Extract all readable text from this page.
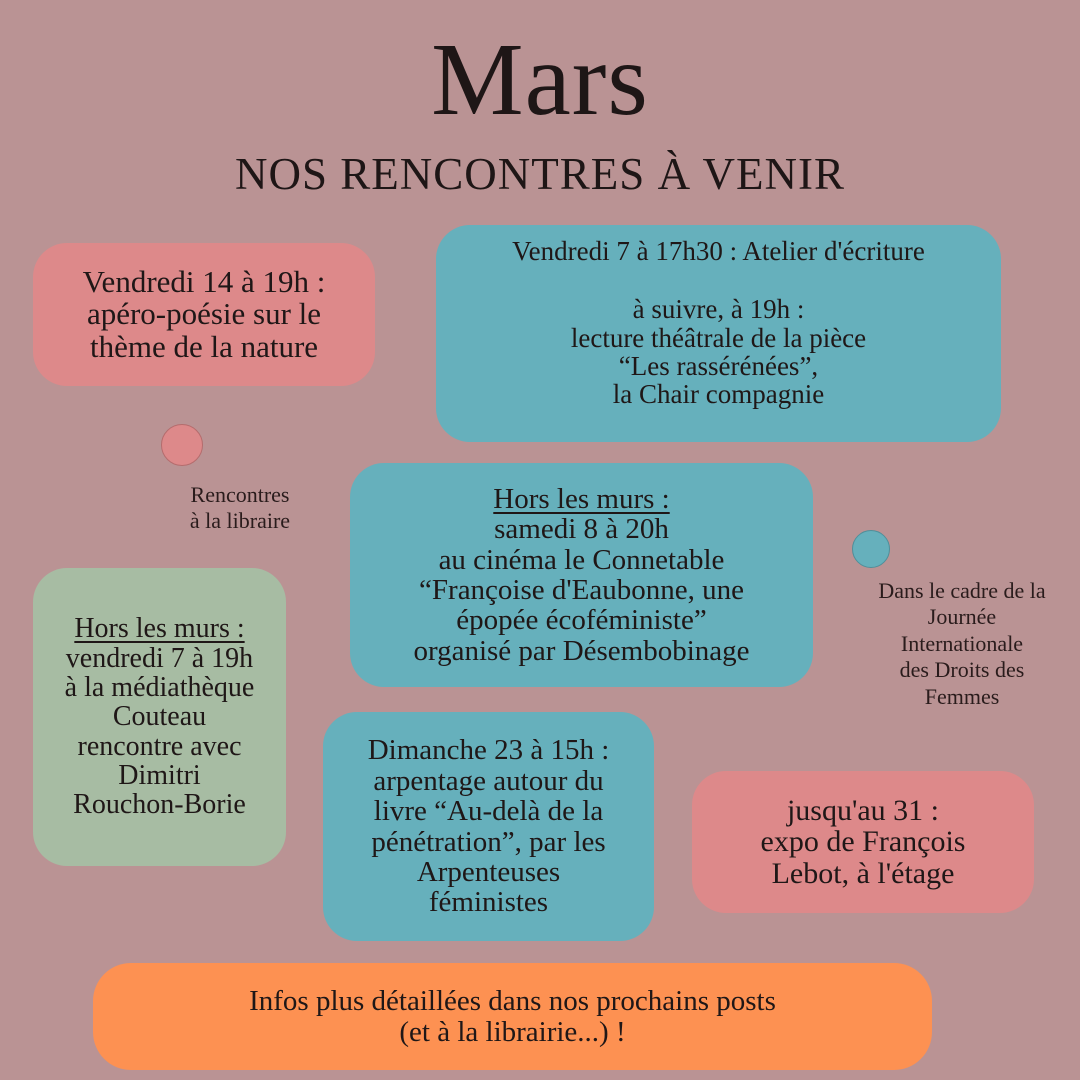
Mars
NOS RENCONTRES À VENIR
Vendredi 14 à 19h :
apéro-poésie sur le
thème de la nature
Vendredi 7 à 17h30 : Atelier d'écriture
à suivre, à 19h :
lecture théâtrale de la pièce
“Les rassérénées”,
la Chair compagnie
Rencontres
à la libraire
Hors les murs :
samedi 8 à 20h
au cinéma le Connetable
“Françoise d'Eaubonne, une
épopée écoféministe”
organisé par Désembobinage
Dans le cadre de la
Journée
Internationale
des Droits des
Femmes
Hors les murs :
vendredi 7 à 19h
à la médiathèque
Couteau
rencontre avec
Dimitri
Rouchon-Borie
Dimanche 23 à 15h :
arpentage autour du
livre “Au-delà de la
pénétration”, par les
Arpenteuses
féministes
jusqu'au 31 :
expo de François
Lebot, à l'étage
Infos plus détaillées dans nos prochains posts
(et à la librairie...) !
